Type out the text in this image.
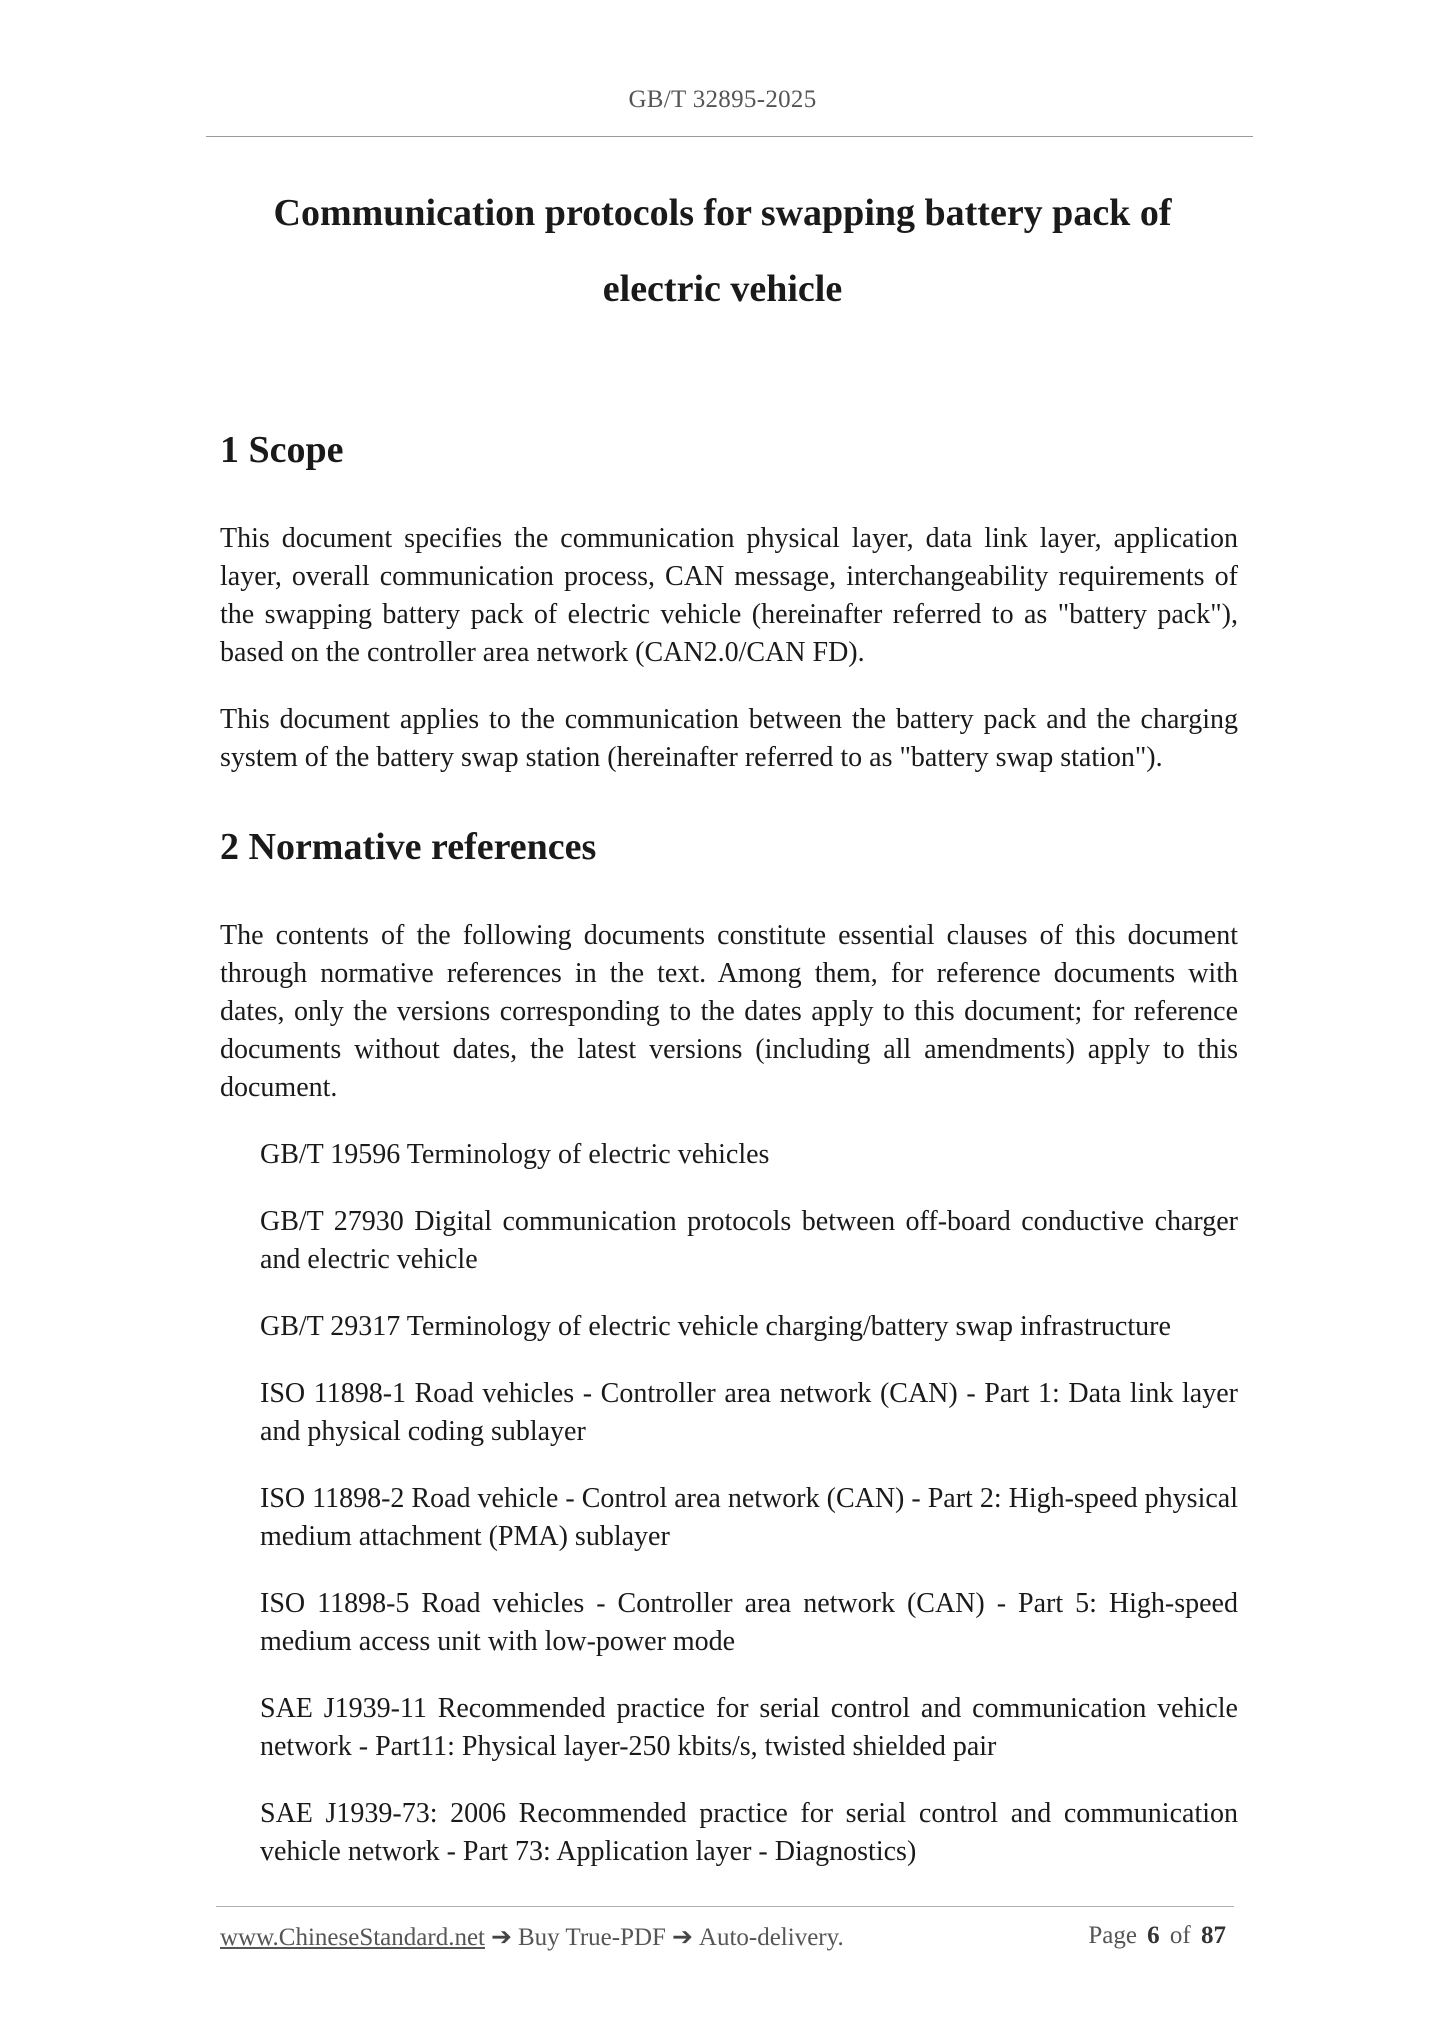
GB/T 32895-2025
Communication protocols for swapping battery pack of electric vehicle
1 Scope

This document specifies the communication physical layer, data link layer, application layer, overall communication process, CAN message, interchangeability requirements of the swapping battery pack of electric vehicle (hereinafter referred to as "battery pack"), based on the controller area network (CAN2.0/CAN FD).

This document applies to the communication between the battery pack and the charging system of the battery swap station (hereinafter referred to as "battery swap station").

2 Normative references

The contents of the following documents constitute essential clauses of this document through normative references in the text. Among them, for reference documents with dates, only the versions corresponding to the dates apply to this document; for reference documents without dates, the latest versions (including all amendments) apply to this document.

GB/T 19596 Terminology of electric vehicles
GB/T 27930 Digital communication protocols between off-board conductive charger and electric vehicle
GB/T 29317 Terminology of electric vehicle charging/battery swap infrastructure
ISO 11898-1 Road vehicles - Controller area network (CAN) - Part 1: Data link layer and physical coding sublayer
ISO 11898-2 Road vehicle - Control area network (CAN) - Part 2: High-speed physical medium attachment (PMA) sublayer
ISO 11898-5 Road vehicles - Controller area network (CAN) - Part 5: High-speed medium access unit with low-power mode
SAE J1939-11 Recommended practice for serial control and communication vehicle network - Part11: Physical layer-250 kbits/s, twisted shielded pair
SAE J1939-73: 2006 Recommended practice for serial control and communication vehicle network - Part 73: Application layer - Diagnostics)
www.ChineseStandard.net ➔ Buy True-PDF ➔ Auto-delivery.	Page 6 of 87
